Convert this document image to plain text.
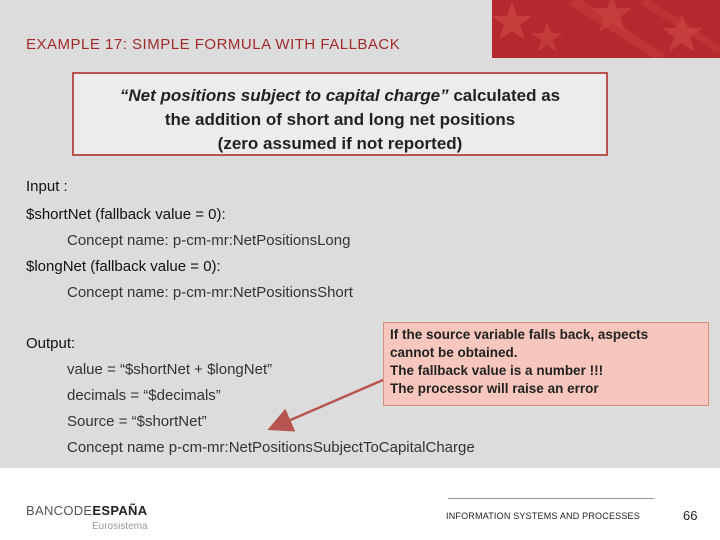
EXAMPLE 17: SIMPLE FORMULA WITH FALLBACK
“Net positions subject to capital charge” calculated as
the addition of short and long net positions
(zero assumed if not reported)
Input :
$shortNet (fallback value = 0):
Concept name: p-cm-mr:NetPositionsLong
$longNet (fallback value = 0):
Concept name: p-cm-mr:NetPositionsShort
Output:
value = “$shortNet + $longNet”
decimals = “$decimals”
Source = “$shortNet”
Concept name p-cm-mr:NetPositionsSubjectToCapitalCharge
If the source variable falls back, aspects
cannot be obtained.
The fallback value is a number !!!
The processor will raise an error
BANCODEESPAÑA
Eurosistema
INFORMATION SYSTEMS AND PROCESSES	66
